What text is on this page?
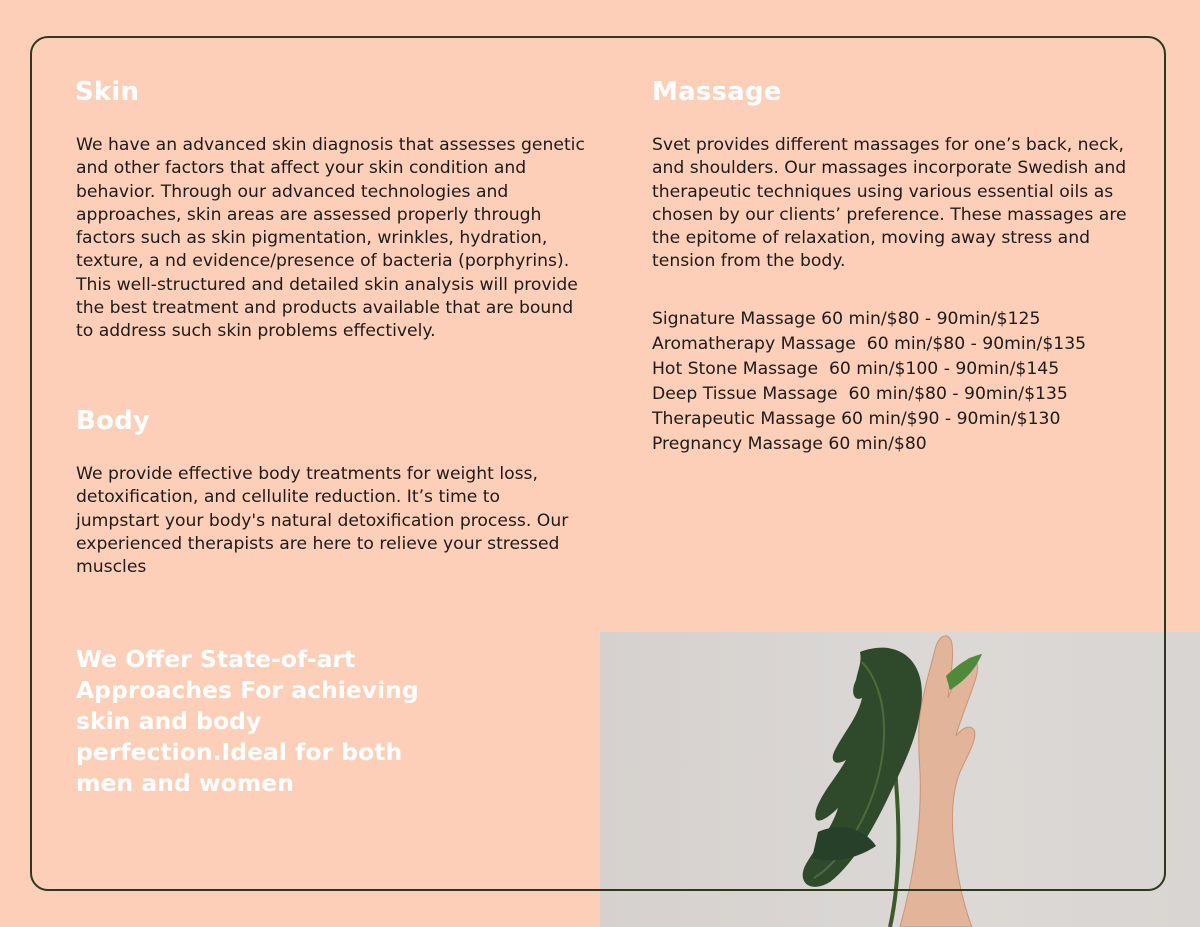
Skin

We have an advanced skin diagnosis that assesses genetic and other factors that affect your skin condition and behavior. Through our advanced technologies and approaches, skin areas are assessed properly through factors such as skin pigmentation, wrinkles, hydration, texture, a nd evidence/presence of bacteria (porphyrins). This well-structured and detailed skin analysis will provide the best treatment and products available that are bound to address such skin problems effectively.

Body

We provide effective body treatments for weight loss, detoxification, and cellulite reduction. It’s time to jumpstart your body's natural detoxification process. Our experienced therapists are here to relieve your stressed muscles

Massage

Svet provides different massages for one’s back, neck, and shoulders. Our massages incorporate Swedish and therapeutic techniques using various essential oils as chosen by our clients’ preference. These massages are the epitome of relaxation, moving away stress and tension from the body.

Signature Massage 60 min/$80 - 90min/$125
Aromatherapy Massage  60 min/$80 - 90min/$135
Hot Stone Massage  60 min/$100 - 90min/$145
Deep Tissue Massage  60 min/$80 - 90min/$135
Therapeutic Massage 60 min/$90 - 90min/$130
Pregnancy Massage 60 min/$80

We Offer State-of-art Approaches For achieving skin and body perfection.Ideal for both men and women
